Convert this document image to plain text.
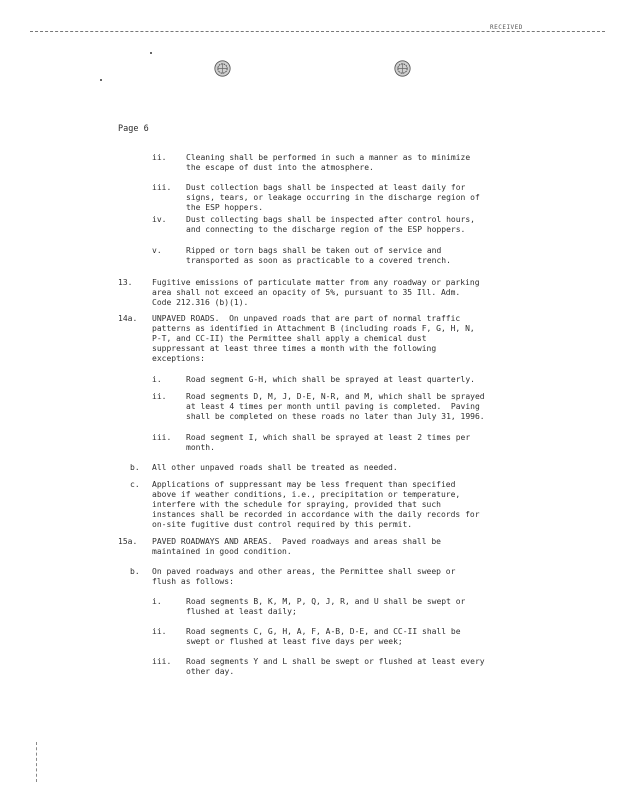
RECEIVED
Page 6
ii. Cleaning shall be performed in such a manner as to minimize
the escape of dust into the atmosphere.
iii. Dust collection bags shall be inspected at least daily for
signs, tears, or leakage occurring in the discharge region of
the ESP hoppers.
iv. Dust collecting bags shall be inspected after control hours,
and connecting to the discharge region of the ESP hoppers.
v.	Ripped or torn bags shall be taken out of service and
transported as soon as practicable to a covered trench.
13. Fugitive emissions of particulate matter from any roadway or parking
area shall not exceed an opacity of 5%, pursuant to 35 Ill. Adm.
Code 212.316 (b)(1).
14a. UNPAVED ROADS.  On unpaved roads that are part of normal traffic
patterns as identified in Attachment B (including roads F, G, H, N,
P-T, and CC-II) the Permittee shall apply a chemical dust
suppressant at least three times a month with the following
exceptions:
i.	Road segment G-H, which shall be sprayed at least quarterly.
ii. Road segments D, M, J, D-E, N-R, and M, which shall be sprayed
at least 4 times per month until paving is completed.  Paving
shall be completed on these roads no later than July 31, 1996.
iii. Road segment I, which shall be sprayed at least 2 times per
month.
b. All other unpaved roads shall be treated as needed.
c. Applications of suppressant may be less frequent than specified
above if weather conditions, i.e., precipitation or temperature,
interfere with the schedule for spraying, provided that such
instances shall be recorded in accordance with the daily records for
on-site fugitive dust control required by this permit.
15a. PAVED ROADWAYS AND AREAS.  Paved roadways and areas shall be
maintained in good condition.
b. On paved roadways and other areas, the Permittee shall sweep or
flush as follows:
i.	Road segments B, K, M, P, Q, J, R, and U shall be swept or
flushed at least daily;
ii. Road segments C, G, H, A, F, A-B, D-E, and CC-II shall be
swept or flushed at least five days per week;
iii. Road segments Y and L shall be swept or flushed at least every
other day.
